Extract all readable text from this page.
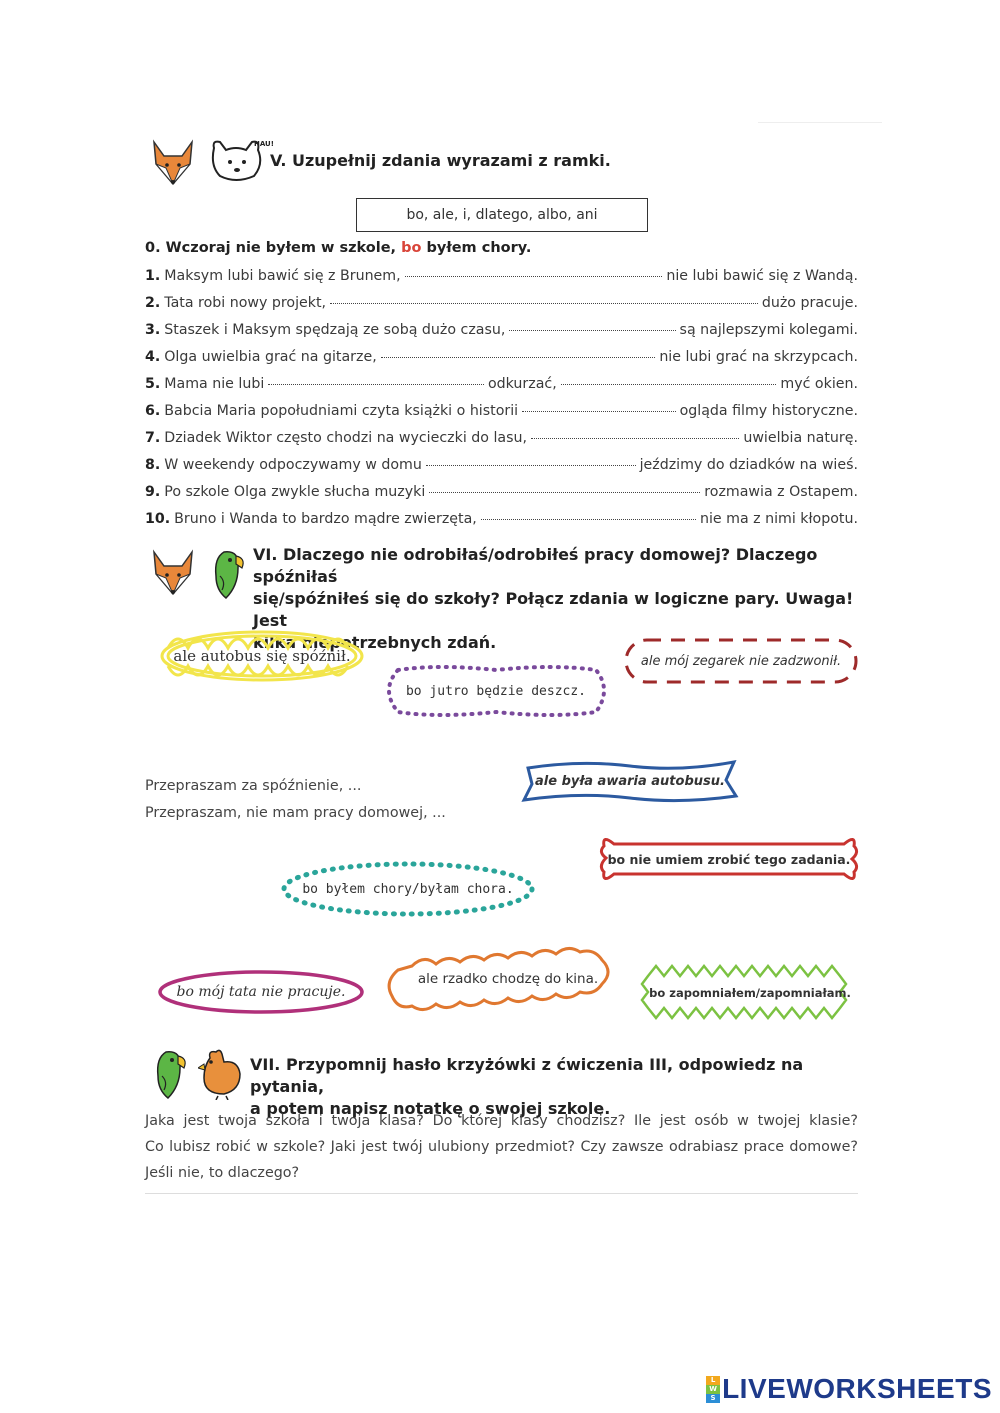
HAU!
V. Uzupełnij zdania wyrazami z ramki.
bo, ale, i, dlatego, albo, ani
0. Wczoraj nie byłem w szkole, bo byłem chory.
1. Maksym lubi bawić się z Brunem,	nie lubi bawić się z Wandą.
2. Tata robi nowy projekt,	dużo pracuje.
3. Staszek i Maksym spędzają ze sobą dużo czasu,	są najlepszymi kolegami.
4. Olga uwielbia grać na gitarze,	nie lubi grać na skrzypcach.
5. Mama nie lubi	odkurzać,	myć okien.
6. Babcia Maria popołudniami czyta książki o historii	ogląda filmy historyczne.
7. Dziadek Wiktor często chodzi na wycieczki do lasu,	uwielbia naturę.
8. W weekendy odpoczywamy w domu	jeździmy do dziadków na wieś.
9. Po szkole Olga zwykle słucha muzyki	rozmawia z Ostapem.
10. Bruno i Wanda to bardzo mądre zwierzęta,	nie ma z nimi kłopotu.
VI. Dlaczego nie odrobiłaś/odrobiłeś pracy domowej? Dlaczego spóźniłaś
się/spóźniłeś się do szkoły? Połącz zdania w logiczne pary. Uwaga! Jest
kilka niepotrzebnych zdań.
ale autobus się spóźnił.	ale mój zegarek nie zadzwonił.
bo jutro będzie deszcz.
Przepraszam za spóźnienie, ...
Przepraszam, nie mam pracy domowej, ...
ale była awaria autobusu.
bo nie umiem zrobić tego zadania.
bo byłem chory/byłam chora.
bo mój tata nie pracuje.
ale rzadko chodzę do kina.
bo zapomniałem/zapomniałam.
VII. Przypomnij hasło krzyżówki z ćwiczenia III, odpowiedz na pytania,
a potem napisz notatkę o swojej szkole.
Jaka jest twoja szkoła i twoja klasa? Do której klasy chodzisz? Ile jest osób w twojej klasie?
Co lubisz robić w szkole? Jaki jest twój ulubiony przedmiot? Czy zawsze odrabiasz prace domowe?
Jeśli nie, to dlaczego?
L
W
S LIVEWORKSHEETS
